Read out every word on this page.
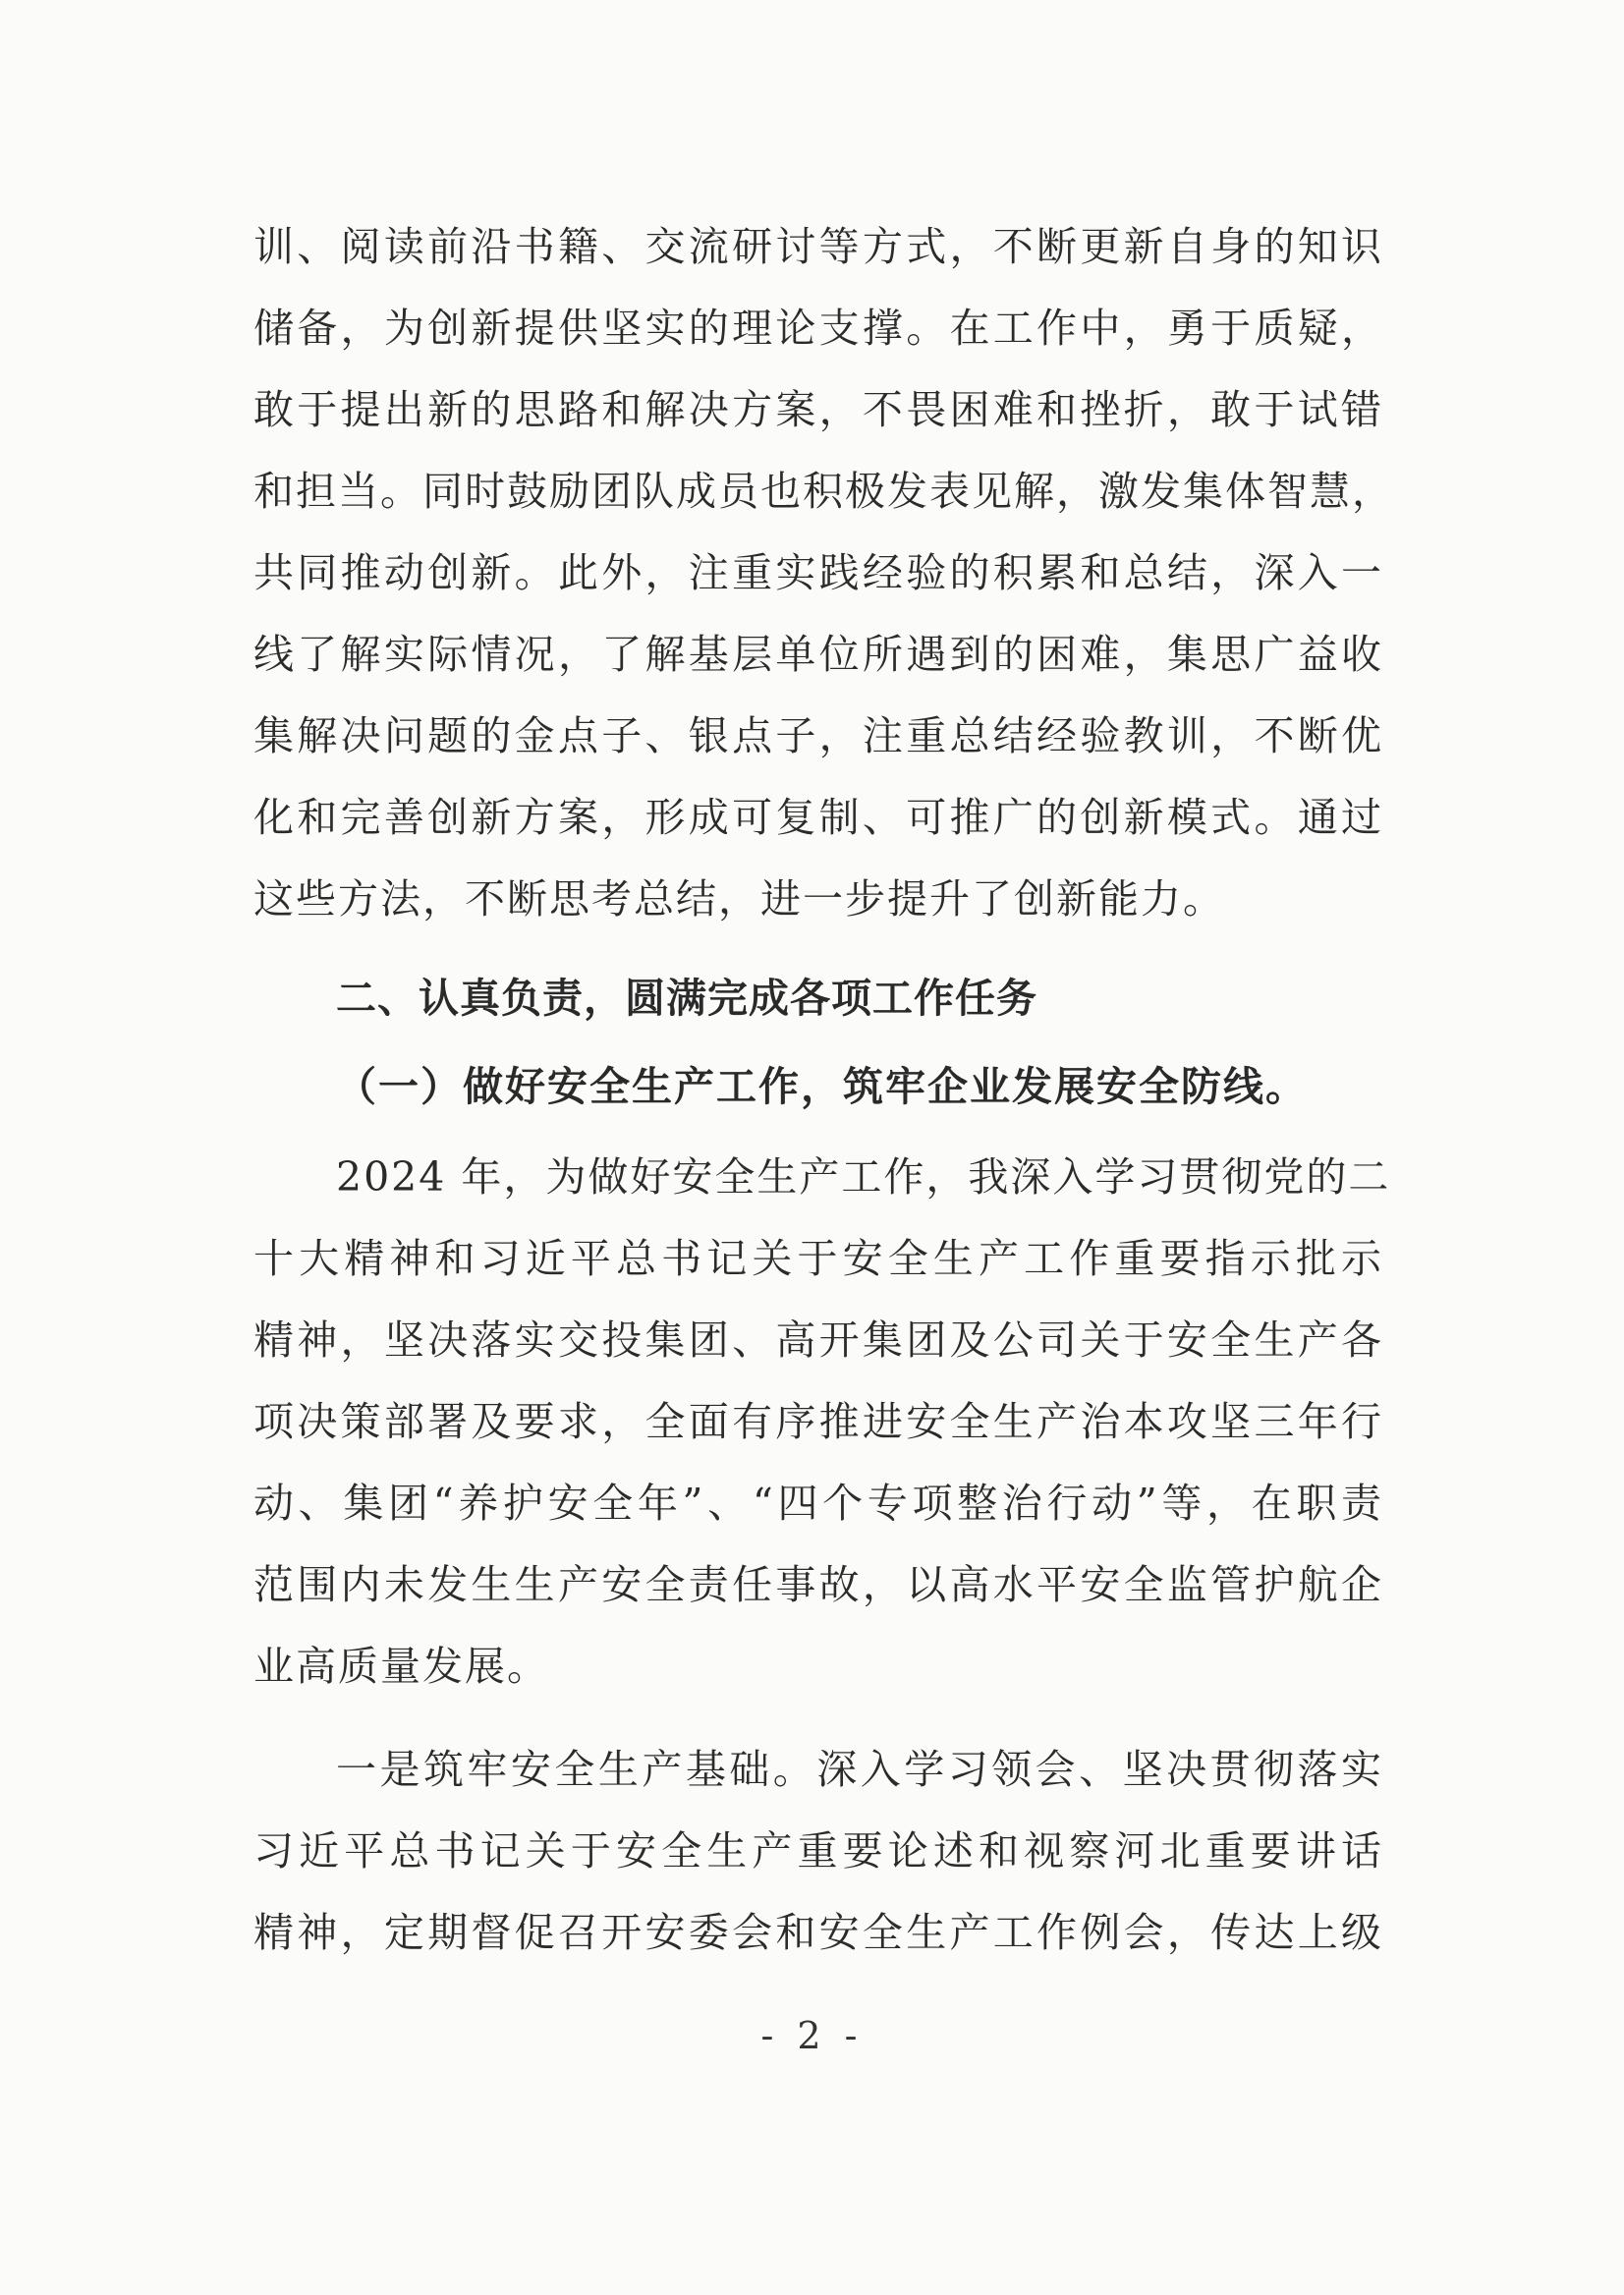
训、阅读前沿书籍、交流研讨等方式，不断更新自身的知识
储备，为创新提供坚实的理论支撑。在工作中，勇于质疑，
敢于提出新的思路和解决方案，不畏困难和挫折，敢于试错
和担当。同时鼓励团队成员也积极发表见解，激发集体智慧，
共同推动创新。此外，注重实践经验的积累和总结，深入一
线了解实际情况，了解基层单位所遇到的困难，集思广益收
集解决问题的金点子、银点子，注重总结经验教训，不断优
化和完善创新方案，形成可复制、可推广的创新模式。通过
这些方法，不断思考总结，进一步提升了创新能力。
二、认真负责，圆满完成各项工作任务
（一）做好安全生产工作，筑牢企业发展安全防线。
2024 年，为做好安全生产工作，我深入学习贯彻党的二
十大精神和习近平总书记关于安全生产工作重要指示批示
精神，坚决落实交投集团、高开集团及公司关于安全生产各
项决策部署及要求，全面有序推进安全生产治本攻坚三年行
动、集团“养护安全年”、“四个专项整治行动”等，在职责
范围内未发生生产安全责任事故，以高水平安全监管护航企
业高质量发展。
一是筑牢安全生产基础。深入学习领会、坚决贯彻落实
习近平总书记关于安全生产重要论述和视察河北重要讲话
精神，定期督促召开安委会和安全生产工作例会，传达上级
- 2 -
